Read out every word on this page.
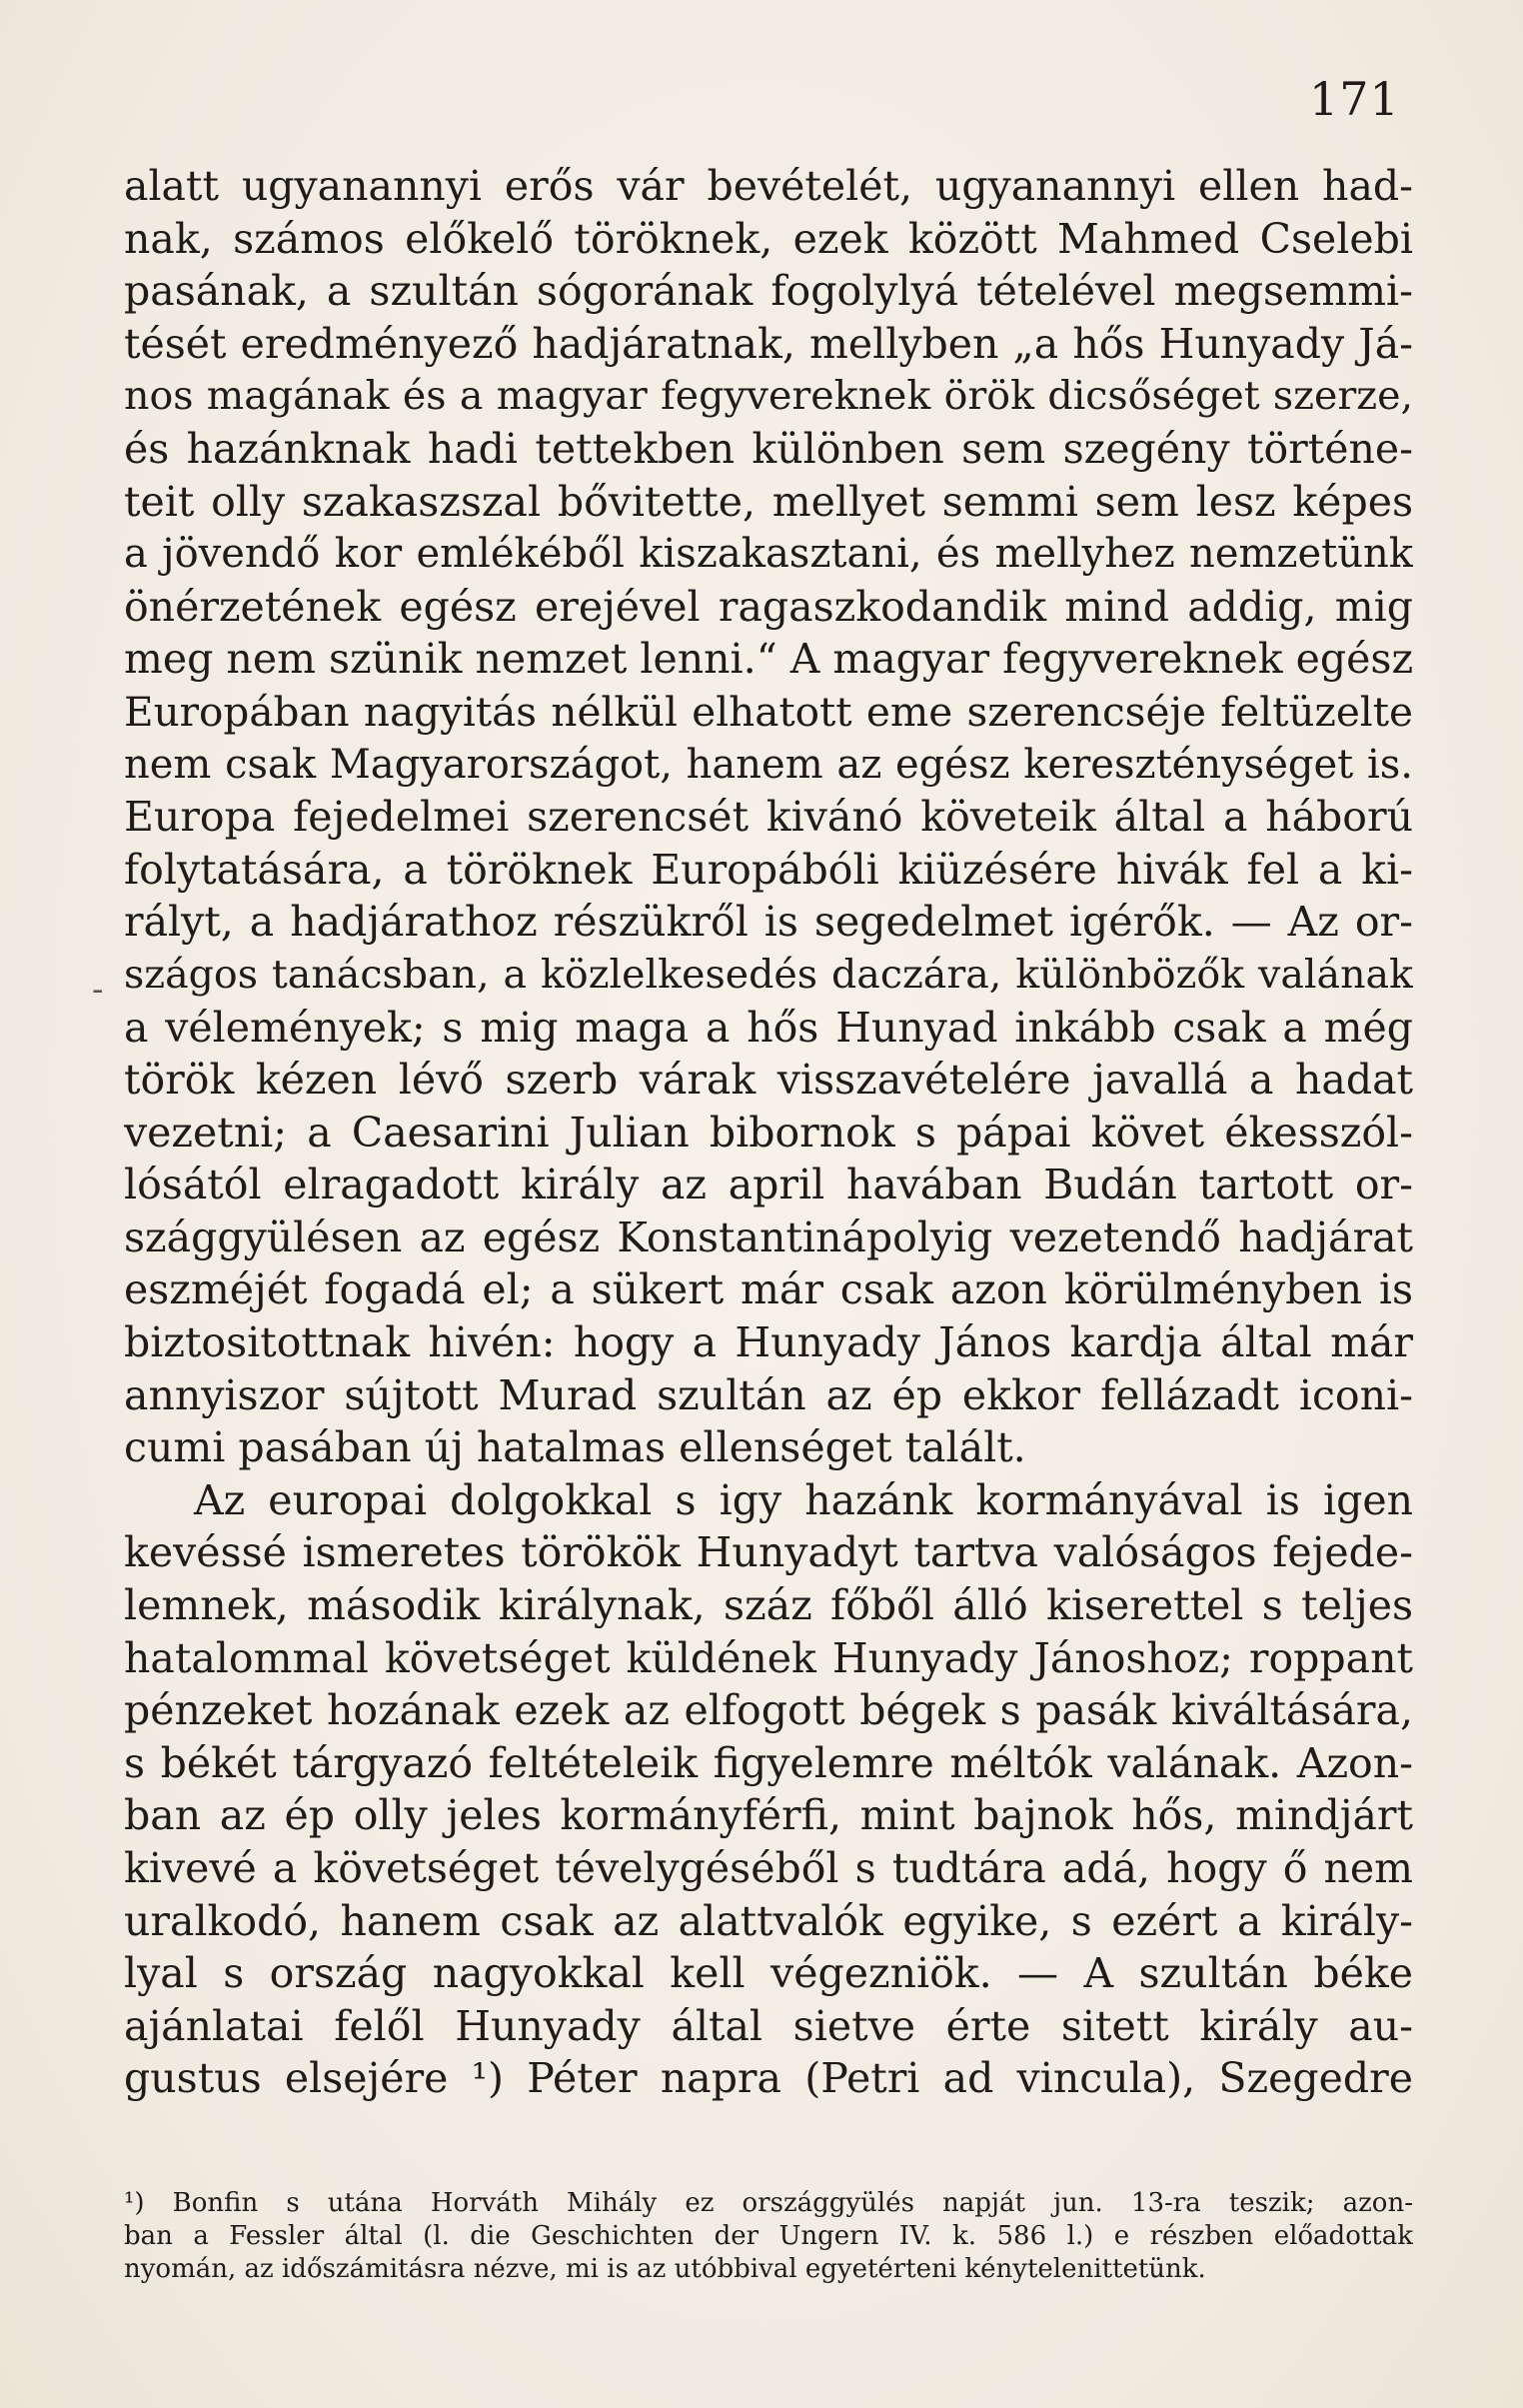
171
-
alatt ugyanannyi erős vár bevételét, ugyanannyi ellen had-
nak, számos előkelő töröknek, ezek között Mahmed Cselebi
pasának, a szultán sógorának fogolylyá tételével megsemmi-
tését eredményező hadjáratnak, mellyben „a hős Hunyady Já-
nos magának és a magyar fegyvereknek örök dicsőséget szerze,
és hazánknak hadi tettekben különben sem szegény történe-
teit olly szakaszszal bővitette, mellyet semmi sem lesz képes
a jövendő kor emlékéből kiszakasztani, és mellyhez nemzetünk
önérzetének egész erejével ragaszkodandik mind addig, mig
meg nem szünik nemzet lenni.“ A magyar fegyvereknek egész
Europában nagyitás nélkül elhatott eme szerencséje feltüzelte
nem csak Magyarországot, hanem az egész kereszténységet is.
Europa fejedelmei szerencsét kivánó követeik által a háború
folytatására, a töröknek Europábóli kiüzésére hivák fel a ki-
rályt, a hadjárathoz részükről is segedelmet igérők. — Az or-
szágos tanácsban, a közlelkesedés daczára, különbözők valának
a vélemények; s mig maga a hős Hunyad inkább csak a még
török kézen lévő szerb várak visszavételére javallá a hadat
vezetni; a Caesarini Julian bibornok s pápai követ ékesszól-
lósától elragadott király az april havában Budán tartott or-
szággyülésen az egész Konstantinápolyig vezetendő hadjárat
eszméjét fogadá el; a sükert már csak azon körülményben is
biztositottnak hivén: hogy a Hunyady János kardja által már
annyiszor sújtott Murad szultán az ép ekkor fellázadt iconi-
cumi pasában új hatalmas ellenséget talált.
Az europai dolgokkal s igy hazánk kormányával is igen
kevéssé ismeretes törökök Hunyadyt tartva valóságos fejede-
lemnek, második királynak, száz főből álló kiserettel s teljes
hatalommal követséget küldének Hunyady Jánoshoz; roppant
pénzeket hozának ezek az elfogott bégek s pasák kiváltására,
s békét tárgyazó feltételeik figyelemre méltók valának. Azon-
ban az ép olly jeles kormányférfi, mint bajnok hős, mindjárt
kivevé a követséget tévelygéséből s tudtára adá, hogy ő nem
uralkodó, hanem csak az alattvalók egyike, s ezért a király-
lyal s ország nagyokkal kell végezniök. — A szultán béke
ajánlatai felől Hunyady által sietve érte sitett király au-
gustus elsejére ¹) Péter napra (Petri ad vincula), Szegedre
¹) Bonfin s utána Horváth Mihály ez országgyülés napját jun. 13-ra teszik; azon-
ban a Fessler által (l. die Geschichten der Ungern IV. k. 586 l.) e részben előadottak
nyomán, az időszámitásra nézve, mi is az utóbbival egyetérteni kénytelenittetünk.
